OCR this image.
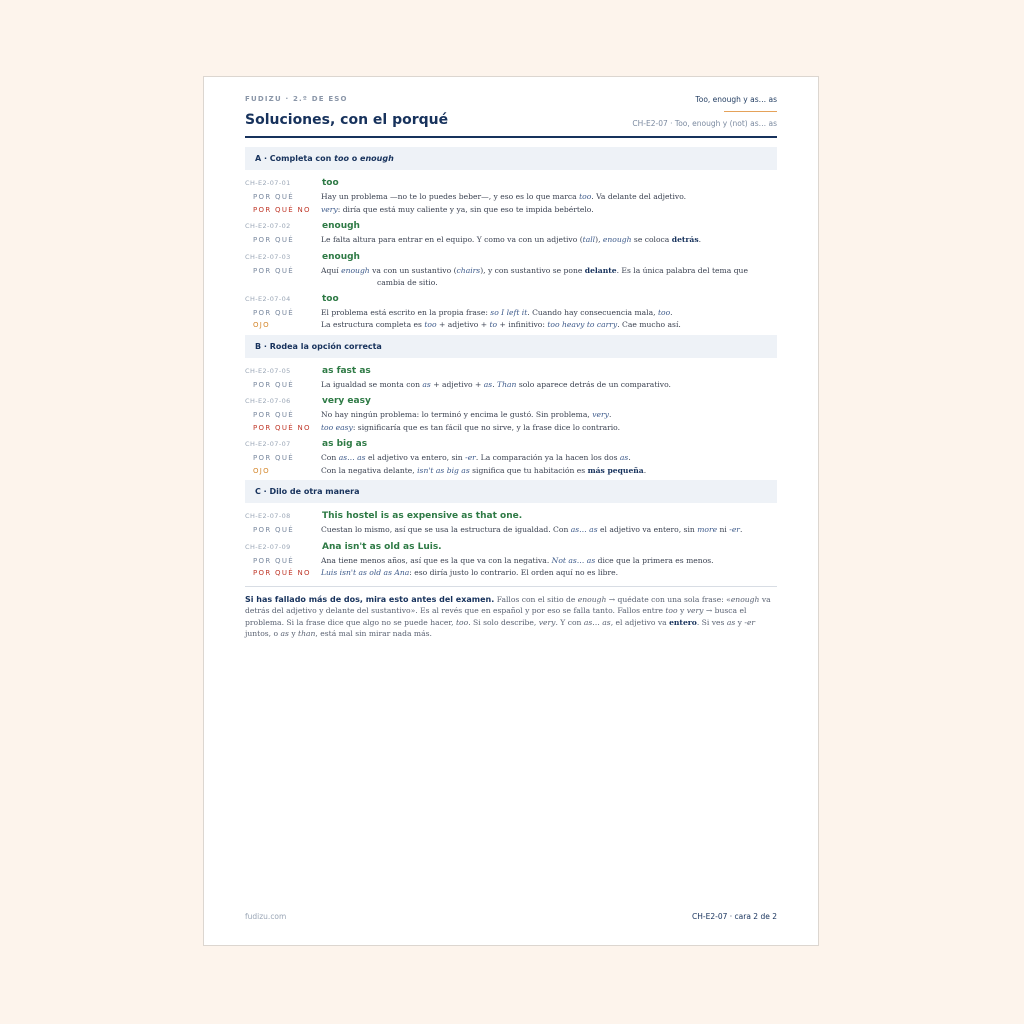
FUDIZU · 2.º DE ESO	Too, enough y as… as
Soluciones, con el porqué	CH-E2-07 · Too, enough y (not) as… as
A · Completa con too o enough
CH-E2-07-01	too
POR QUÉ	Hay un problema —no te lo puedes beber—, y eso es lo que marca too. Va delante del adjetivo.
POR QUÉ NO very: diría que está muy caliente y ya, sin que eso te impida bebértelo.
CH-E2-07-02	enough
POR QUÉ	Le falta altura para entrar en el equipo. Y como va con un adjetivo (tall), enough se coloca detrás.
CH-E2-07-03	enough
POR QUÉ	Aquí enough va con un sustantivo (chairs), y con sustantivo se pone delante. Es la única palabra del tema que cambia de sitio.
CH-E2-07-04	too
POR QUÉ	El problema está escrito en la propia frase: so I left it. Cuando hay consecuencia mala, too.
OJO	La estructura completa es too + adjetivo + to + infinitivo: too heavy to carry. Cae mucho así.
B · Rodea la opción correcta
CH-E2-07-05	as fast as
POR QUÉ	La igualdad se monta con as + adjetivo + as. Than solo aparece detrás de un comparativo.
CH-E2-07-06	very easy
POR QUÉ	No hay ningún problema: lo terminó y encima le gustó. Sin problema, very.
POR QUÉ NO too easy: significaría que es tan fácil que no sirve, y la frase dice lo contrario.
CH-E2-07-07	as big as
POR QUÉ	Con as… as el adjetivo va entero, sin -er. La comparación ya la hacen los dos as.
OJO	Con la negativa delante, isn't as big as significa que tu habitación es más pequeña.
C · Dilo de otra manera
CH-E2-07-08	This hostel is as expensive as that one.
POR QUÉ	Cuestan lo mismo, así que se usa la estructura de igualdad. Con as… as el adjetivo va entero, sin more ni -er.
CH-E2-07-09	Ana isn't as old as Luis.
POR QUÉ	Ana tiene menos años, así que es la que va con la negativa. Not as… as dice que la primera es menos.
POR QUÉ NO Luis isn't as old as Ana: eso diría justo lo contrario. El orden aquí no es libre.
Si has fallado más de dos, mira esto antes del examen. Fallos con el sitio de enough → quédate con una sola frase: «enough va detrás del adjetivo y delante del sustantivo». Es al revés que en español y por eso se falla tanto. Fallos entre too y very → busca el problema. Si la frase dice que algo no se puede hacer, too. Si solo describe, very. Y con as… as, el adjetivo va entero. Si ves as y -er juntos, o as y than, está mal sin mirar nada más.
fudizu.com	CH-E2-07 · cara 2 de 2
